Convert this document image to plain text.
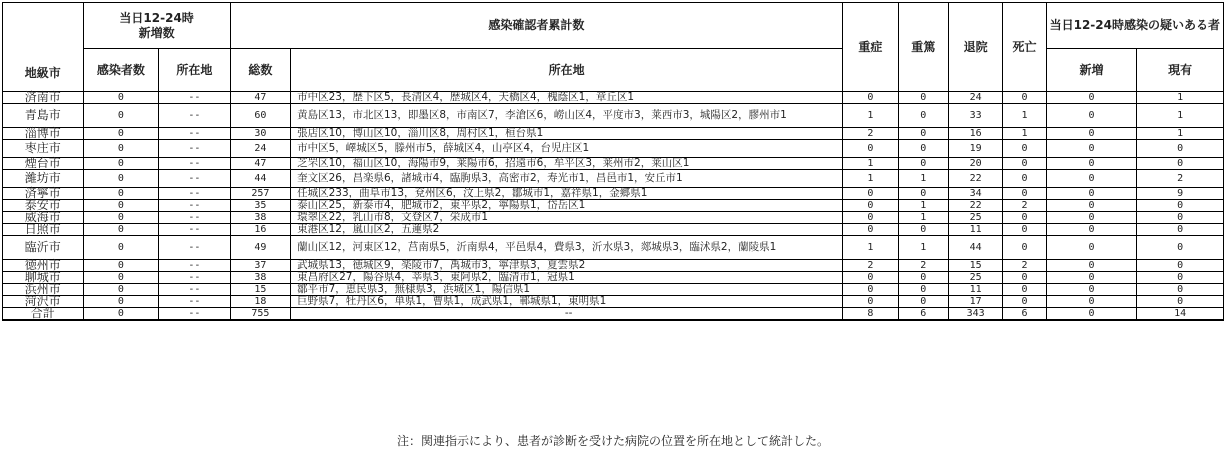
地級市	当日12-24時
新増数		感染確認者累計数		重症	重篤	退院	死亡	当日12-24時感染の疑いある者	
	感染者数	所在地	総数	所在地					新増	現有
済南市	0	--	47	市中区23，歴下区5，長清区4，歴城区4，天橋区4，槐蔭区1，章丘区1	0	0	24	0	0	1
青島市	0	--	60	黄島区13，市北区13，即墨区8，市南区7，李滄区6，嶗山区4，平度市3，莱西市3，城陽区2，膠州市1	1	0	33	1	0	1
淄博市	0	--	30	張店区10，博山区10，淄川区8，周村区1，桓台県1	2	0	16	1	0	1
枣庄市	0	--	24	市中区5，嶧城区5，滕州市5，薛城区4，山亭区4，台児庄区1	0	0	19	0	0	0
煙台市	0	--	47	芝罘区10，福山区10，海陽市9，莱陽市6，招遠市6，牟平区3，莱州市2，莱山区1	1	0	20	0	0	0
濰坊市	0	--	44	奎文区26，昌楽県6，諸城市4，臨朐県3，高密市2，寿光市1，昌邑市1，安丘市1	1	1	22	0	0	2
済寧市	0	--	257	任城区233，曲阜市13，兗州区6，汶上県2，鄒城市1，嘉祥県1，金郷県1	0	0	34	0	0	9
泰安市	0	--	35	泰山区25，新泰市4，肥城市2，東平県2，寧陽県1，岱岳区1	0	1	22	2	0	0
威海市	0	--	38	環翠区22，乳山市8，文登区7，栄成市1	0	1	25	0	0	0
日照市	0	--	16	東港区12，嵐山区2，五蓮県2	0	0	11	0	0	0
臨沂市	0	--	49	蘭山区12，河東区12，莒南県5，沂南県4，平邑県4，費県3，沂水県3，郯城県3，臨沭県2，蘭陵県1	1	1	44	0	0	0
徳州市	0	--	37	武城県13，徳城区9，楽陵市7，禹城市3，寧津県3，夏雲県2	2	2	15	2	0	0
聊城市	0	--	38	東昌府区27，陽谷県4，莘県3，東阿県2，臨清市1，冠県1	0	0	25	0	0	0
浜州市	0	--	15	鄒平市7，恵民県3，無棣県3，浜城区1，陽信県1	0	0	11	0	0	0
菏沢市	0	--	18	巨野県7，牡丹区6，単県1，曹県1，成武県1，鄆城県1，東明県1	0	0	17	0	0	0
合計	0	--	755	--	8	6	343	6	0	14
注：関連指示により、患者が診断を受けた病院の位置を所在地として統計した。
